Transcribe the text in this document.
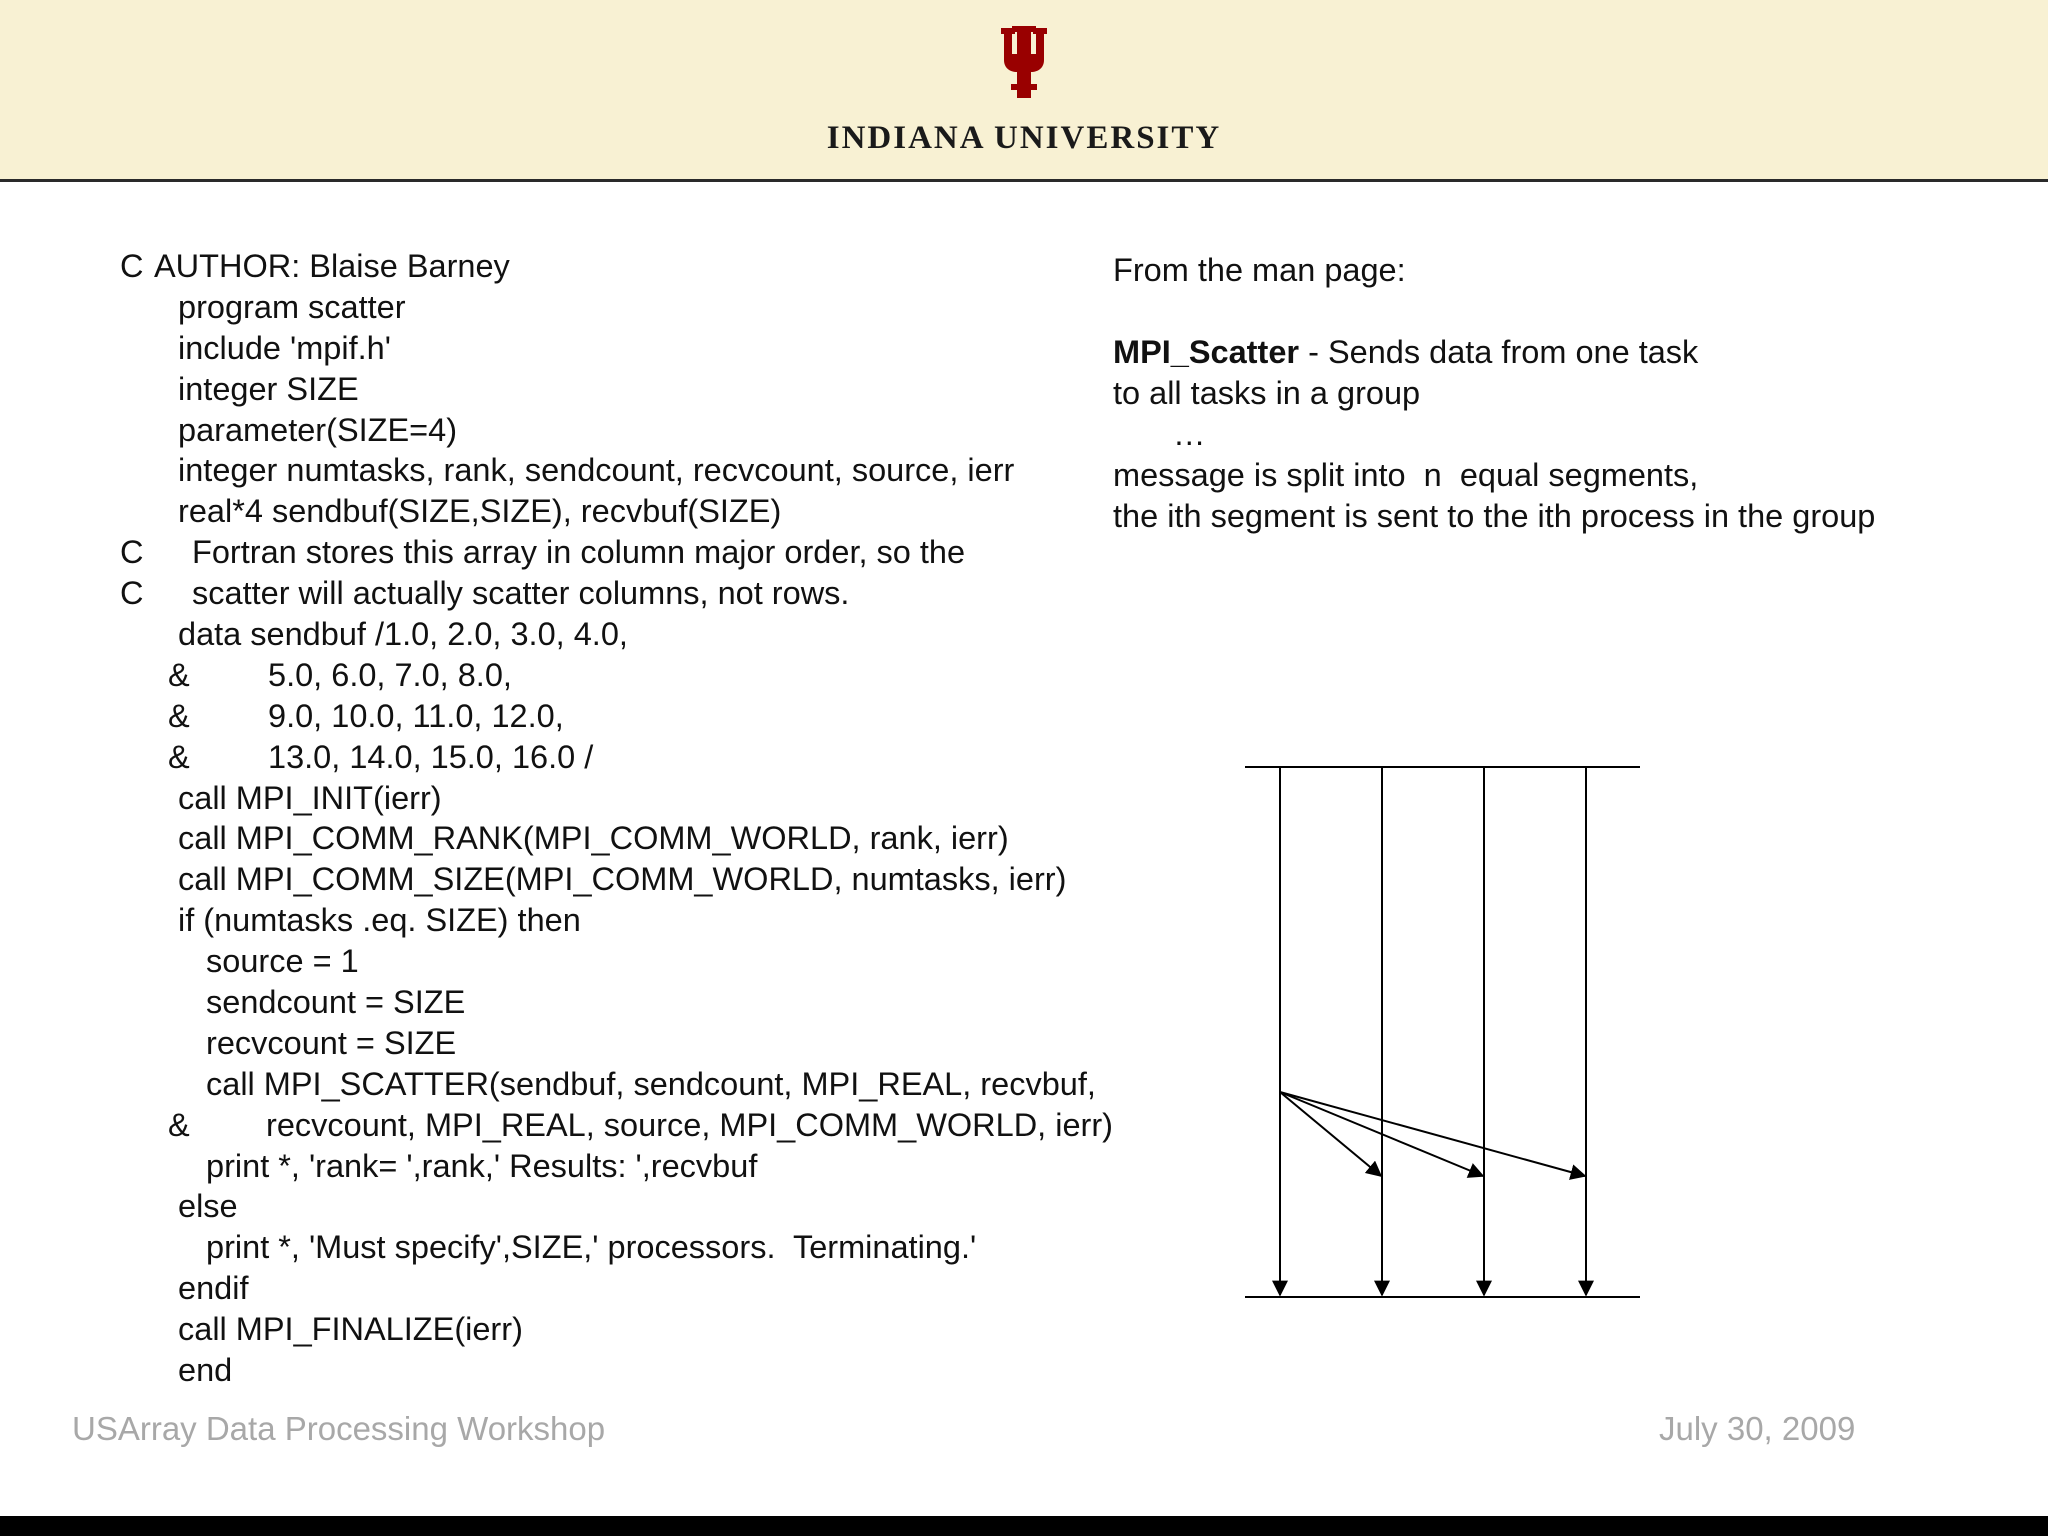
INDIANA UNIVERSITY
C AUTHOR: Blaise Barney
program scatter
include 'mpif.h'
integer SIZE
parameter(SIZE=4)
integer numtasks, rank, sendcount, recvcount, source, ierr
real*4 sendbuf(SIZE,SIZE), recvbuf(SIZE)
C Fortran stores this array in column major order, so the
C scatter will actually scatter columns, not rows.
data sendbuf /1.0, 2.0, 3.0, 4.0,
& 5.0, 6.0, 7.0, 8.0,
& 9.0, 10.0, 11.0, 12.0,
& 13.0, 14.0, 15.0, 16.0 /
call MPI_INIT(ierr)
call MPI_COMM_RANK(MPI_COMM_WORLD, rank, ierr)
call MPI_COMM_SIZE(MPI_COMM_WORLD, numtasks, ierr)
if (numtasks .eq. SIZE) then
source = 1
sendcount = SIZE
recvcount = SIZE
call MPI_SCATTER(sendbuf, sendcount, MPI_REAL, recvbuf,
& recvcount, MPI_REAL, source, MPI_COMM_WORLD, ierr)
print *, 'rank= ',rank,' Results: ',recvbuf
else
print *, 'Must specify',SIZE,' processors.  Terminating.'
endif
call MPI_FINALIZE(ierr)
end
From the man page:
MPI_Scatter - Sends data from one task
to all tasks in a group
…
message is split into  n  equal segments,
the ith segment is sent to the ith process in the group
USArray Data Processing Workshop	July 30, 2009
